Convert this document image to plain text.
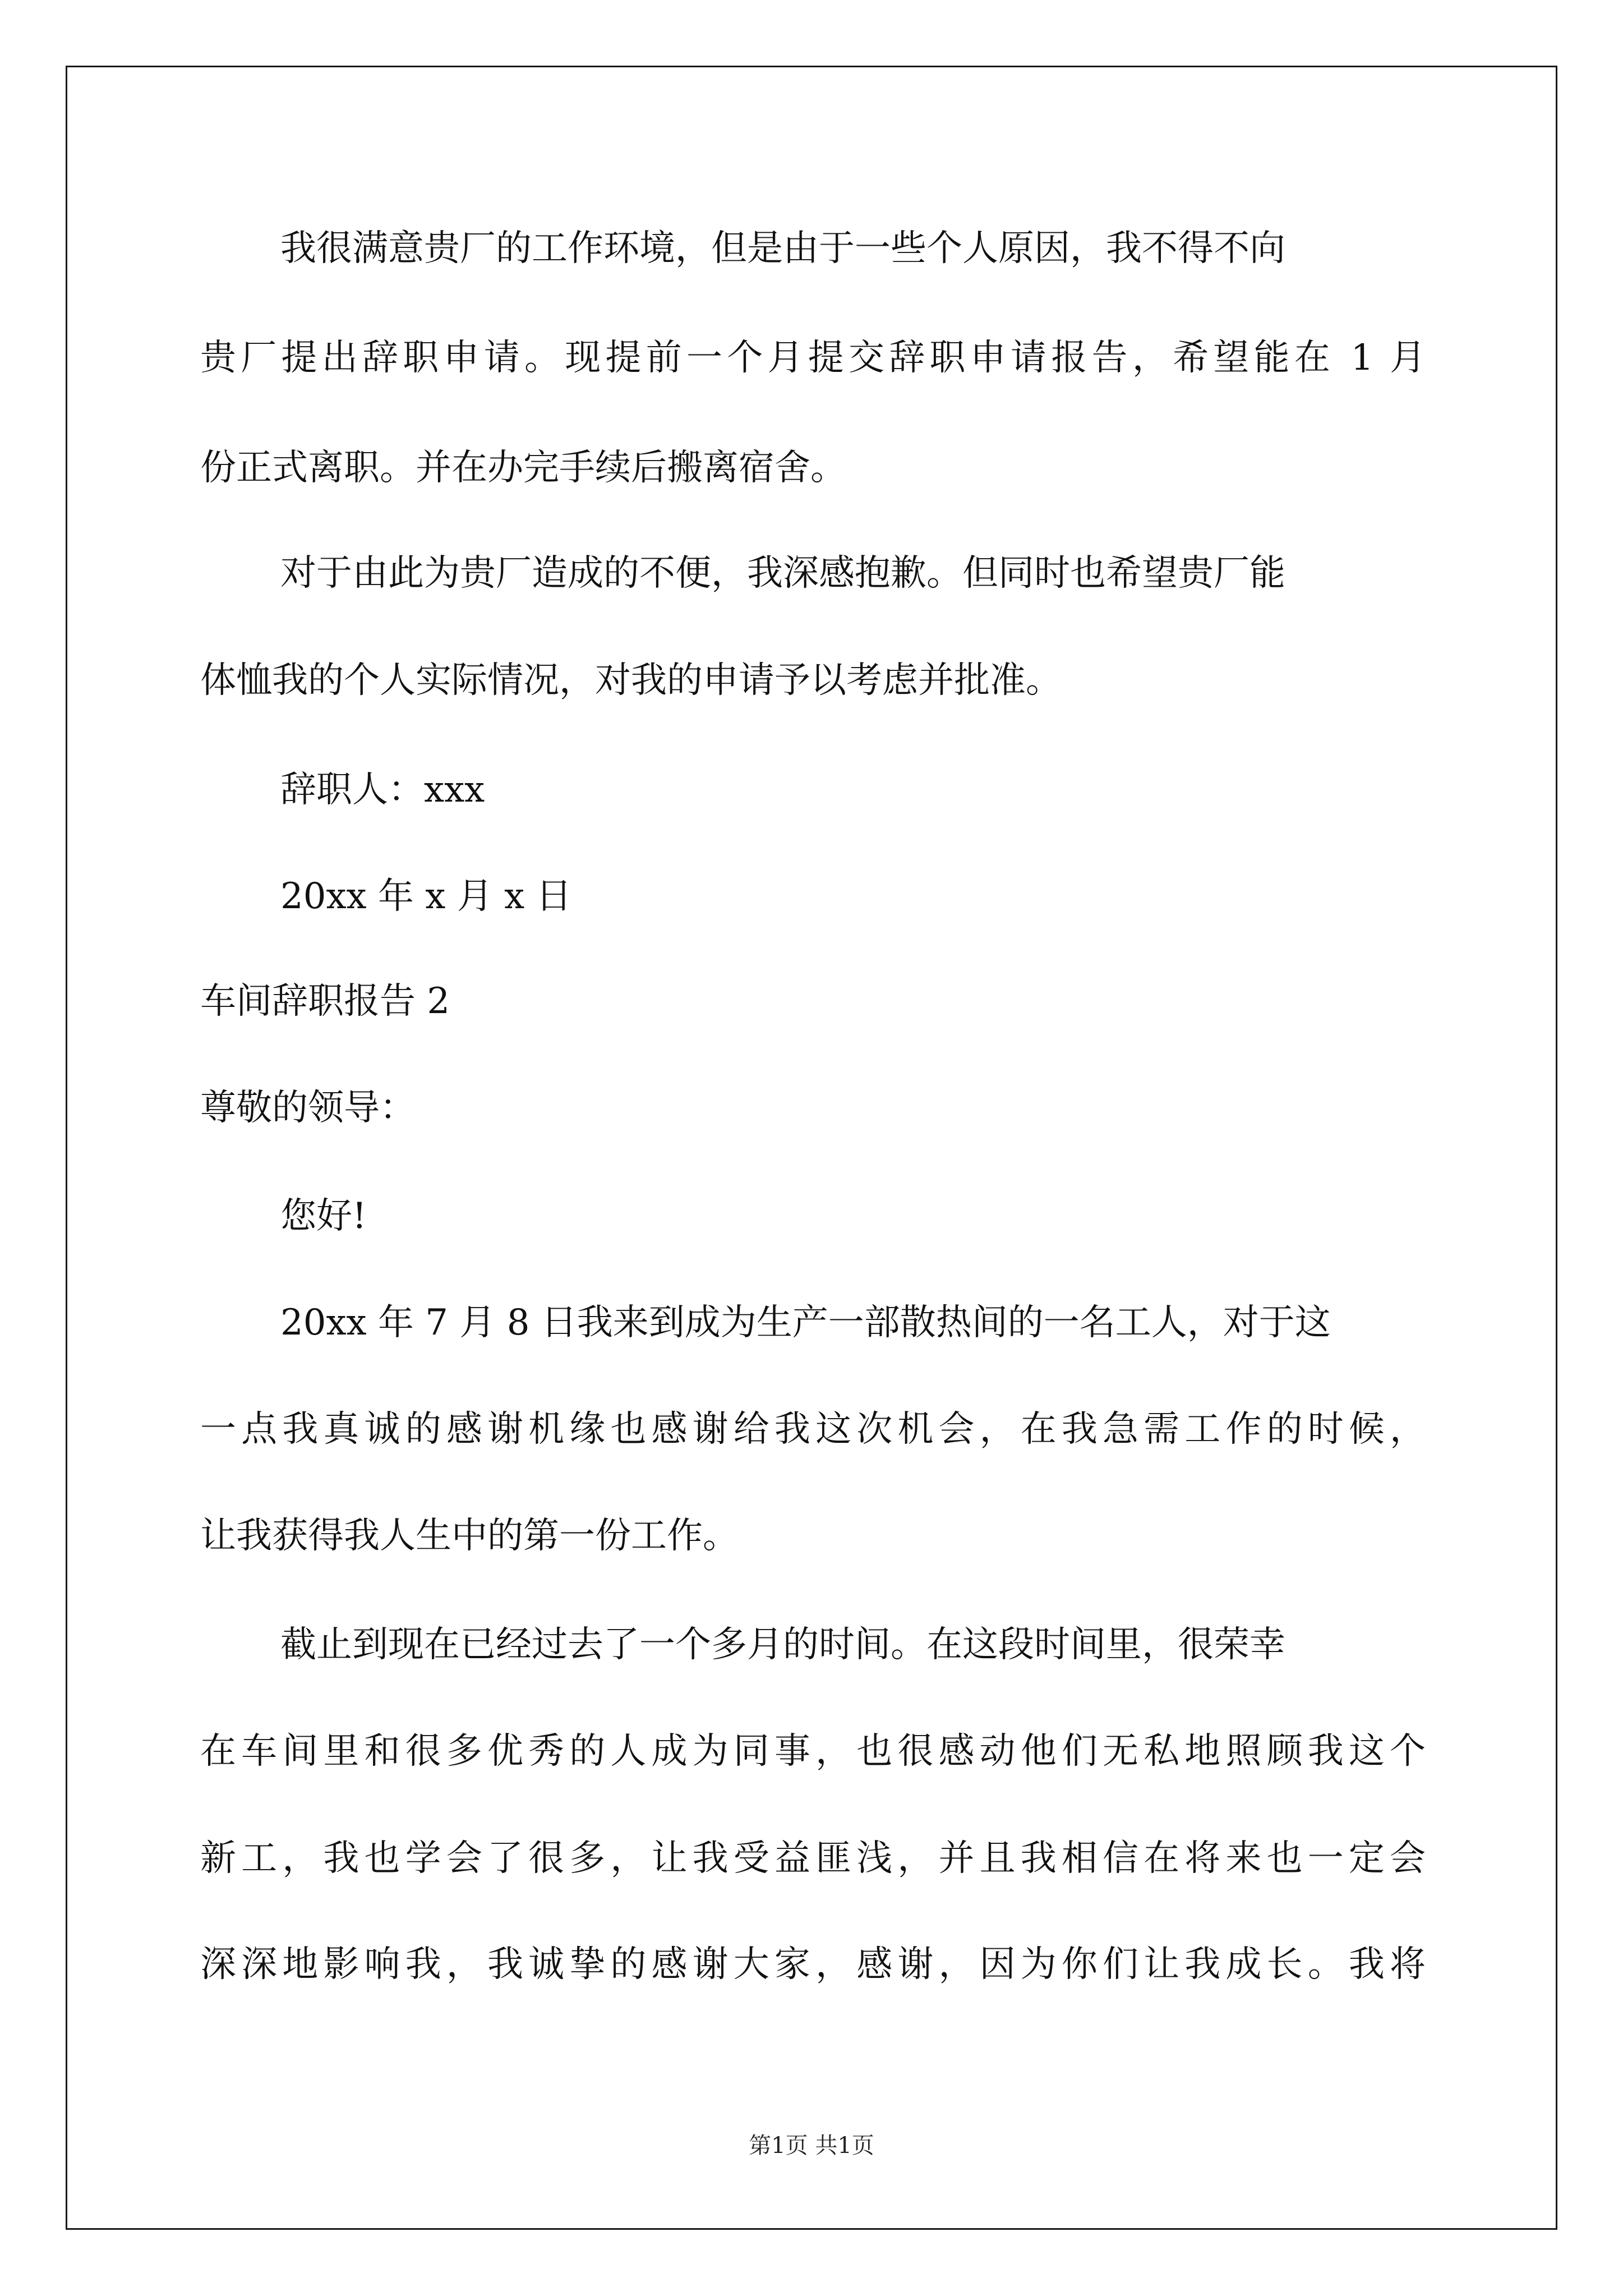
我很满意贵厂的工作环境，但是由于一些个人原因，我不得不向
贵厂提出辞职申请。现提前一个月提交辞职申请报告，希望能在 1 月
份正式离职。并在办完手续后搬离宿舍。
对于由此为贵厂造成的不便，我深感抱歉。但同时也希望贵厂能
体恤我的个人实际情况，对我的申请予以考虑并批准。
辞职人：xxx
20xx 年 x 月 x 日
车间辞职报告 2
尊敬的领导：
您好!
20xx 年 7 月 8 日我来到成为生产一部散热间的一名工人，对于这
一点我真诚的感谢机缘也感谢给我这次机会，在我急需工作的时候，
让我获得我人生中的第一份工作。
截止到现在已经过去了一个多月的时间。在这段时间里，很荣幸
在车间里和很多优秀的人成为同事，也很感动他们无私地照顾我这个
新工，我也学会了很多，让我受益匪浅，并且我相信在将来也一定会
深深地影响我，我诚挚的感谢大家，感谢，因为你们让我成长。我将
第1页 共1页
